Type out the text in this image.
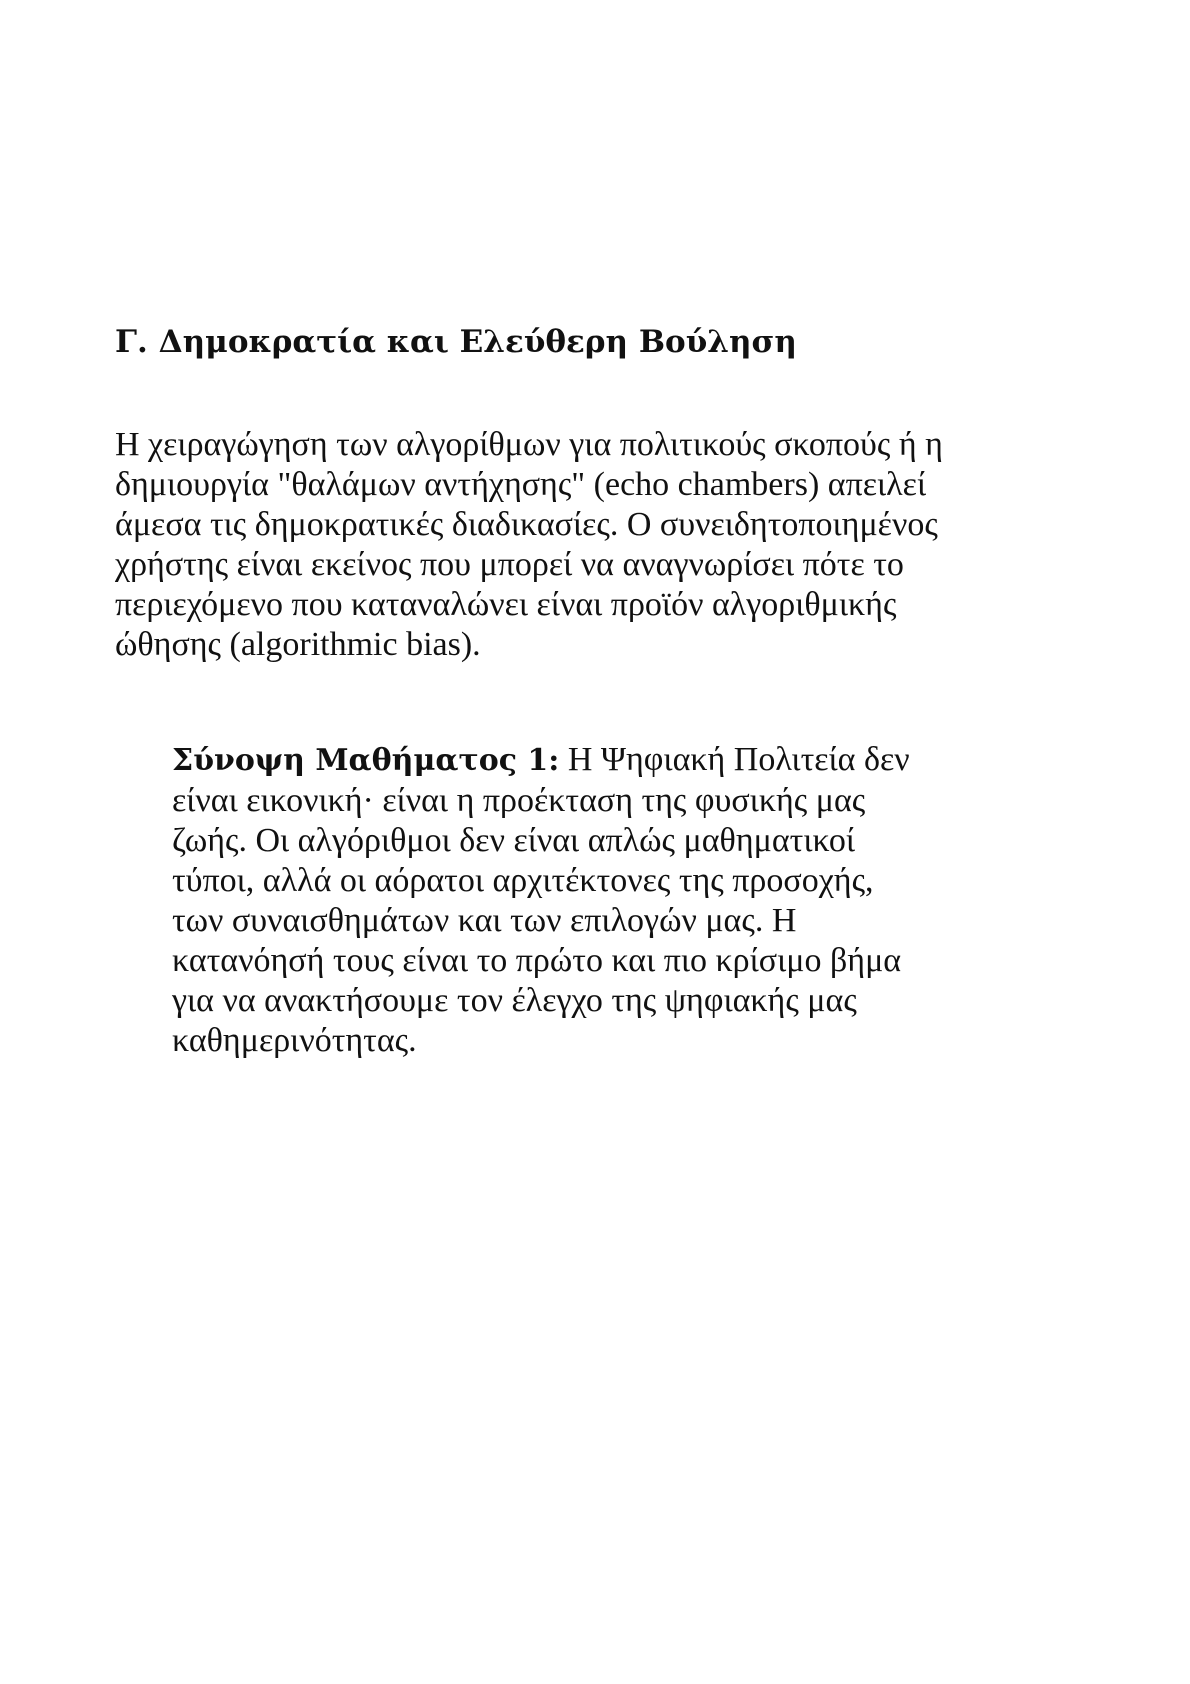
Γ. Δημοκρατία και Ελεύθερη Βούληση

Η χειραγώγηση των αλγορίθμων για πολιτικούς σκοπούς ή η
δημιουργία "θαλάμων αντήχησης" (echo chambers) απειλεί
άμεσα τις δημοκρατικές διαδικασίες. Ο συνειδητοποιημένος
χρήστης είναι εκείνος που μπορεί να αναγνωρίσει πότε το
περιεχόμενο που καταναλώνει είναι προϊόν αλγοριθμικής
ώθησης (algorithmic bias).

Σύνοψη Μαθήματος 1: Η Ψηφιακή Πολιτεία δεν
είναι εικονική· είναι η προέκταση της φυσικής μας
ζωής. Οι αλγόριθμοι δεν είναι απλώς μαθηματικοί
τύποι, αλλά οι αόρατοι αρχιτέκτονες της προσοχής,
των συναισθημάτων και των επιλογών μας. Η
κατανόησή τους είναι το πρώτο και πιο κρίσιμο βήμα
για να ανακτήσουμε τον έλεγχο της ψηφιακής μας
καθημερινότητας.
